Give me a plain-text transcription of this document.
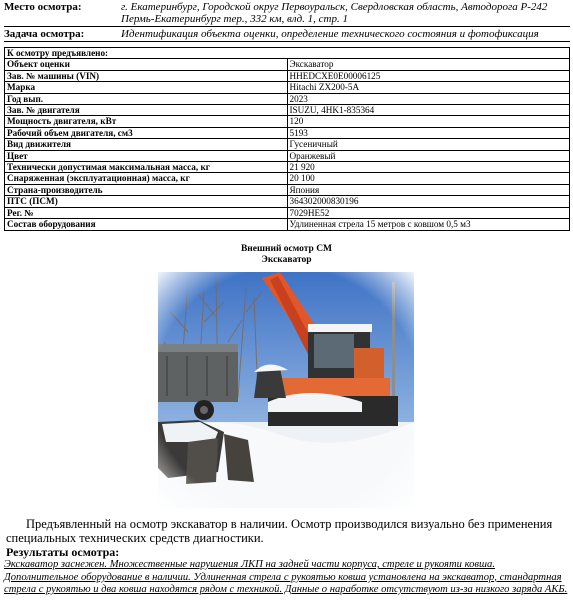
Место осмотра:	г. Екатеринбург, Городской округ Первоуральск, Свердловская область, Автодорога Р-242 Пермь-Екатеринбург тер., 332 км, влд. 1, стр. 1
Задача осмотра:	Идентификация объекта оценки, определение технического состояния и фотофиксация
К осмотру предъявлено:	
Объект оценки	Экскаватор
Зав. № машины (VIN)	HHEDCXE0E00006125
Марка	Hitachi ZX200-5A
Год вып.	2023
Зав. № двигателя	ISUZU, 4HK1-835364
Мощность двигателя, кВт	120
Рабочий объем двигателя, см3	5193
Вид движителя	Гусеничный
Цвет	Оранжевый
Технически допустимая максимальная масса, кг	21 920
Снаряженная (эксплуатационная) масса, кг	20 100
Страна-производитель	Япония
ПТС (ПСМ)	364302000830196
Рег. №	7029НЕ52
Состав оборудования	Удлиненная стрела 15 метров с ковшом 0,5 м3
Внешний осмотр СМ
Экскаватор
Предъявленный на осмотр экскаватор в наличии. Осмотр производился визуально без применения специальных технических средств диагностики.
Результаты осмотра:
Экскаватор заснежен. Множественные нарушения ЛКП на задней части корпуса, стреле и рукояти ковша. Дополнительное оборудование в наличии. Удлиненная стрела с рукоятью ковша установлена на экскаватор, стандартная стрела с рукоятью и два ковша находятся рядом с техникой. Данные о наработке отсутствуют из-за низкого заряда АКБ.
